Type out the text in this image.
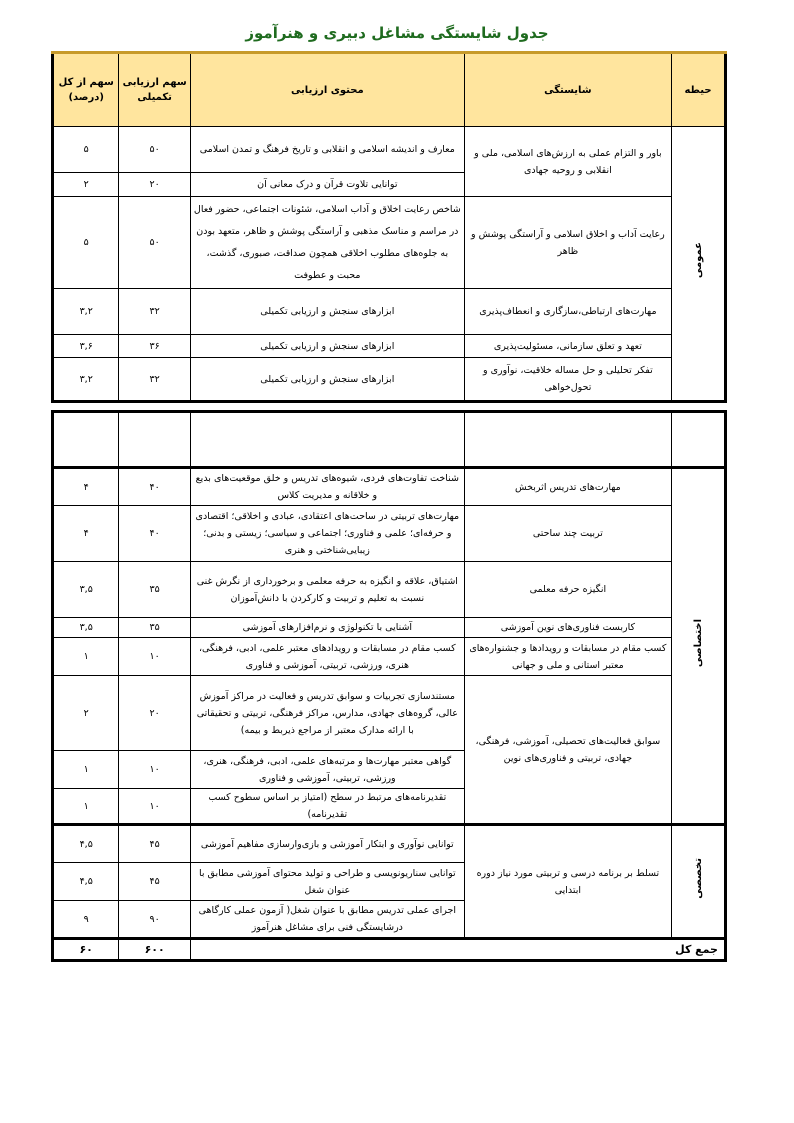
جدول شایستگی مشاغل دبیری و هنرآموز
حیطه	شایستگی	محتوی ارزیابی	سهم ارزیابی تکمیلی	سهم از کل (درصد)
عمومی	باور و التزام عملی به ارزش‌های اسلامی، ملی و انقلابی و روحیه جهادی	معارف و اندیشه اسلامی و انقلابی و تاریخ فرهنگ و تمدن اسلامی	۵۰	۵
		توانایی تلاوت قرآن و درک معانی آن	۲۰	۲
	رعایت آداب و اخلاق اسلامی و آراستگی پوشش و ظاهر	شاخص رعایت اخلاق و آداب اسلامی، شئونات اجتماعی، حضور فعال در مراسم و مناسک مذهبی و آراستگی پوشش و ظاهر، متعهد بودن به جلوه‌های مطلوب اخلاقی همچون صداقت، صبوری، گذشت، محبت و عطوفت	۵۰	۵
	مهارت‌های ارتباطی،سازگاری و انعطاف‌پذیری	ابزارهای سنجش و ارزیابی تکمیلی	۳۲	۳,۲
	تعهد و تعلق سازمانی، مسئولیت‌پذیری	ابزارهای سنجش و ارزیابی تکمیلی	۳۶	۳,۶
	تفکر تحلیلی و حل مساله خلاقیت، نوآوری و تحول‌خواهی	ابزارهای سنجش و ارزیابی تکمیلی	۳۲	۳,۲

اختصاصی	مهارت‌های تدریس اثربخش	شناخت تفاوت‌های فردی، شیوه‌های تدریس و خلق موقعیت‌های بدیع و خلاقانه و مدیریت کلاس	۴۰	۴
	تربیت چند ساحتی	مهارت‌های تربیتی در ساحت‌های اعتقادی، عبادی و اخلاقی؛ اقتصادی و حرفه‌ای؛ علمی و فناوری؛ اجتماعی و سیاسی؛ زیستی و بدنی؛ زیبایی‌شناختی و هنری	۴۰	۴
	انگیزه حرفه معلمی	اشتیاق، علاقه و انگیزه به حرفه معلمی و برخورداری از نگرش غنی نسبت به تعلیم و تربیت و کارکردن با دانش‌آموزان	۳۵	۳,۵
	کاربست فناوری‌های نوین آموزشی	آشنایی با تکنولوژی و نرم‌افزارهای آموزشی	۳۵	۳,۵
	کسب مقام در مسابقات و رویدادها و جشنواره‌های معتبر استانی و ملی و جهانی	کسب مقام در مسابقات و رویدادهای معتبر علمی، ادبی، فرهنگی، هنری، ورزشی، تربیتی، آموزشی و فناوری	۱۰	۱
	سوابق فعالیت‌های تحصیلی، آموزشی، فرهنگی، جهادی، تربیتی و فناوری‌های نوین	مستندسازی تجربیات و سوابق تدریس و فعالیت در مراکز آموزش عالی، گروه‌های جهادی، مدارس، مراکز فرهنگی، تربیتی و تحقیقاتی با ارائه مدارک معتبر از مراجع ذیربط و بیمه)	۲۰	۲
		گواهی معتبر مهارت‌ها و مرتبه‌های علمی، ادبی، فرهنگی، هنری، ورزشی، تربیتی، آموزشی و فناوری	۱۰	۱
		تقدیرنامه‌های مرتبط در سطح (امتیاز بر اساس سطوح کسب تقدیرنامه)	۱۰	۱
تخصصی	تسلط بر برنامه درسی و تربیتی مورد نیاز دوره ابتدایی	توانایی نوآوری و ابتکار آموزشی و بازی‌وارسازی مفاهیم آموزشی	۴۵	۴,۵
		توانایی سناریونویسی و طراحی و تولید محتوای آموزشی مطابق با عنوان شغل	۴۵	۴,۵
		اجرای عملی تدریس مطابق با عنوان شغل( آزمون عملی کارگاهی درشایستگی فنی برای مشاغل هنرآموز	۹۰	۹
جمع کل			۶۰۰	۶۰
